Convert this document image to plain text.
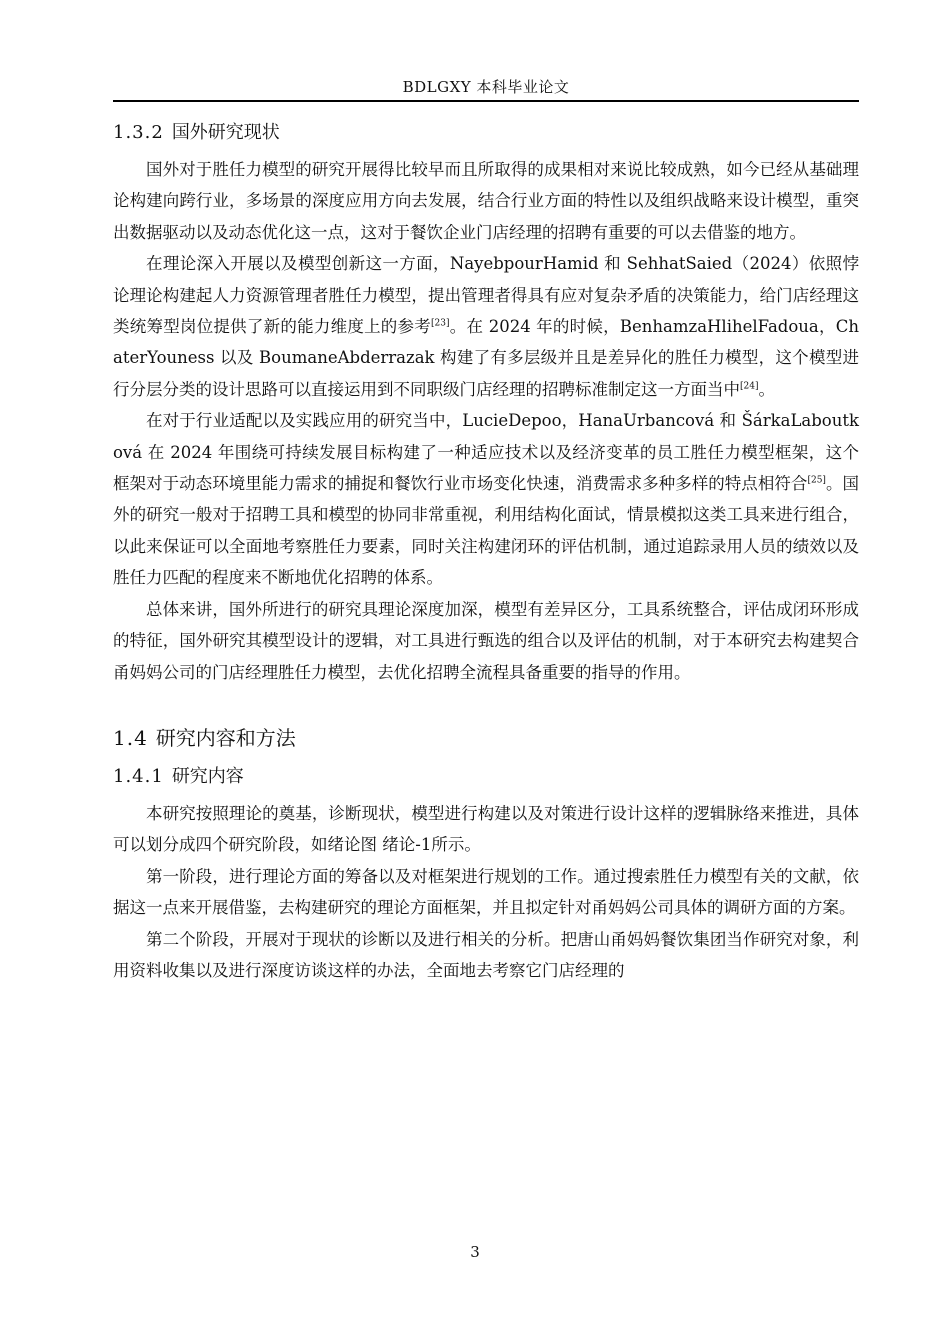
BDLGXY 本科毕业论文
1.3.2 国外研究现状

国外对于胜任力模型的研究开展得比较早而且所取得的成果相对来说比较成熟，如今已经从基础理论构建向跨行业，多场景的深度应用方向去发展，结合行业方面的特性以及组织战略来设计模型，重突出数据驱动以及动态优化这一点，这对于餐饮企业门店经理的招聘有重要的可以去借鉴的地方。

在理论深入开展以及模型创新这一方面，NayebpourHamid 和 SehhatSaied（2024）依照悖论理论构建起人力资源管理者胜任力模型，提出管理者得具有应对复杂矛盾的决策能力，给门店经理这类统筹型岗位提供了新的能力维度上的参考[23]。在 2024 年的时候，BenhamzaHlihelFadoua，ChaterYouness 以及 BoumaneAbderrazak 构建了有多层级并且是差异化的胜任力模型，这个模型进行分层分类的设计思路可以直接运用到不同职级门店经理的招聘标准制定这一方面当中[24]。

在对于行业适配以及实践应用的研究当中，LucieDepoo，HanaUrbancová 和 ŠárkaLaboutková 在 2024 年围绕可持续发展目标构建了一种适应技术以及经济变革的员工胜任力模型框架，这个框架对于动态环境里能力需求的捕捉和餐饮行业市场变化快速，消费需求多种多样的特点相符合[25]。国外的研究一般对于招聘工具和模型的协同非常重视，利用结构化面试，情景模拟这类工具来进行组合，以此来保证可以全面地考察胜任力要素，同时关注构建闭环的评估机制，通过追踪录用人员的绩效以及胜任力匹配的程度来不断地优化招聘的体系。

总体来讲，国外所进行的研究具理论深度加深，模型有差异区分，工具系统整合，评估成闭环形成的特征，国外研究其模型设计的逻辑，对工具进行甄选的组合以及评估的机制，对于本研究去构建契合甬妈妈公司的门店经理胜任力模型，去优化招聘全流程具备重要的指导的作用。

1.4 研究内容和方法
1.4.1 研究内容

本研究按照理论的奠基，诊断现状，模型进行构建以及对策进行设计这样的逻辑脉络来推进，具体可以划分成四个研究阶段，如绪论图 绪论-1所示。

第一阶段，进行理论方面的筹备以及对框架进行规划的工作。通过搜索胜任力模型有关的文献，依据这一点来开展借鉴，去构建研究的理论方面框架，并且拟定针对甬妈妈公司具体的调研方面的方案。

第二个阶段，开展对于现状的诊断以及进行相关的分析。把唐山甬妈妈餐饮集团当作研究对象，利用资料收集以及进行深度访谈这样的办法，全面地去考察它门店经理的

3
